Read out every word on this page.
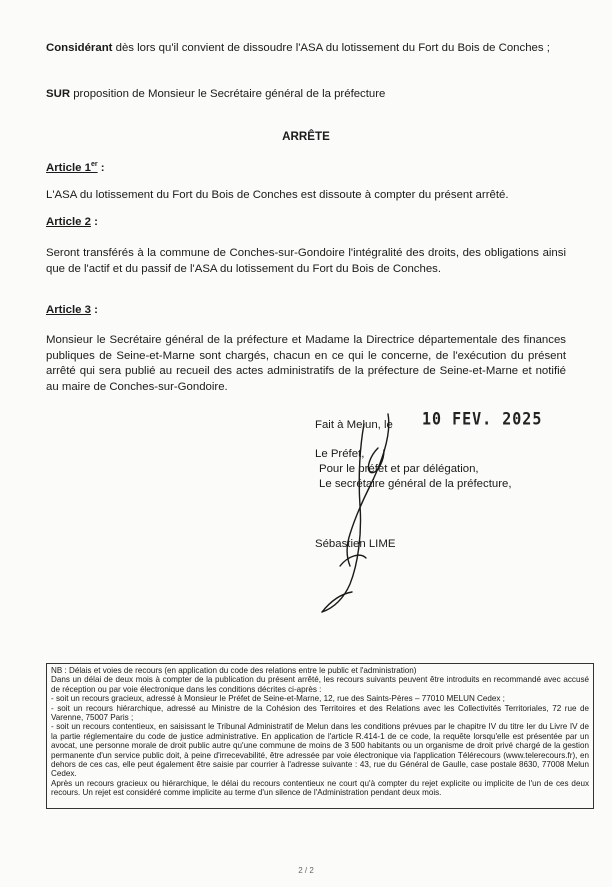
Considérant dès lors qu'il convient de dissoudre l'ASA du lotissement du Fort du Bois de Conches ;

SUR proposition de Monsieur le Secrétaire général de la préfecture

ARRÊTE

Article 1er :

L'ASA du lotissement du Fort du Bois de Conches est dissoute à compter du présent arrêté.

Article 2 :

Seront transférés à la commune de Conches-sur-Gondoire l'intégralité des droits, des obligations ainsi que de l'actif et du passif de l'ASA du lotissement du Fort du Bois de Conches.

Article 3 :

Monsieur le Secrétaire général de la préfecture et Madame la Directrice départementale des finances publiques de Seine-et-Marne sont chargés, chacun en ce qui le concerne, de l'exécution du présent arrêté qui sera publié au recueil des actes administratifs de la préfecture de Seine-et-Marne et notifié au maire de Conches-sur-Gondoire.

Fait à Melun, le 10 FEV. 2025
Le Préfet,
Pour le préfet et par délégation,
Le secrétaire général de la préfecture,
Sébastien LIME

NB : Délais et voies de recours (en application du code des relations entre le public et l'administration)

Dans un délai de deux mois à compter de la publication du présent arrêté, les recours suivants peuvent être introduits en recommandé avec accusé de réception ou par voie électronique dans les conditions décrites ci-après :

- soit un recours gracieux, adressé à Monsieur le Préfet de Seine-et-Marne, 12, rue des Saints-Pères – 77010 MELUN Cedex ;

- soit un recours hiérarchique, adressé au Ministre de la Cohésion des Territoires et des Relations avec les Collectivités Territoriales, 72 rue de Varenne, 75007 Paris ;

- soit un recours contentieux, en saisissant le Tribunal Administratif de Melun dans les conditions prévues par le chapitre IV du titre Ier du Livre IV de la partie réglementaire du code de justice administrative. En application de l'article R.414-1 de ce code, la requête lorsqu'elle est présentée par un avocat, une personne morale de droit public autre qu'une commune de moins de 3 500 habitants ou un organisme de droit privé chargé de la gestion permanente d'un service public doit, à peine d'irrecevabilité, être adressée par voie électronique via l'application Télérecours (www.telerecours.fr), en dehors de ces cas, elle peut également être saisie par courrier à l'adresse suivante : 43, rue du Général de Gaulle, case postale 8630, 77008 Melun Cedex.

Après un recours gracieux ou hiérarchique, le délai du recours contentieux ne court qu'à compter du rejet explicite ou implicite de l'un de ces deux recours. Un rejet est considéré comme implicite au terme d'un silence de l'Administration pendant deux mois.

2 / 2
